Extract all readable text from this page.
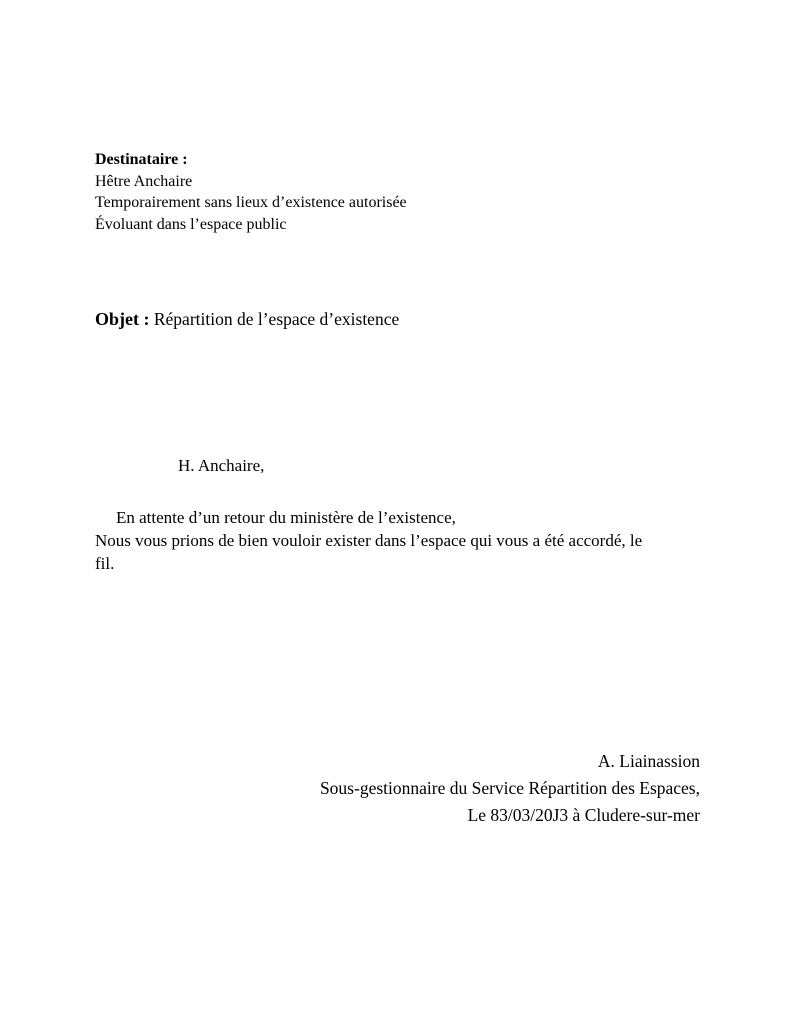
Destinataire :
Hêtre Anchaire
Temporairement sans lieux d’existence autorisée
Évoluant dans l’espace public
Objet : Répartition de l’espace d’existence
H. Anchaire,
En attente d’un retour du ministère de l’existence,
Nous vous prions de bien vouloir exister dans l’espace qui vous a été accordé, le
fil.
A. Liainassion
Sous-gestionnaire du Service Répartition des Espaces,
Le 83/03/20J3 à Cludere-sur-mer
